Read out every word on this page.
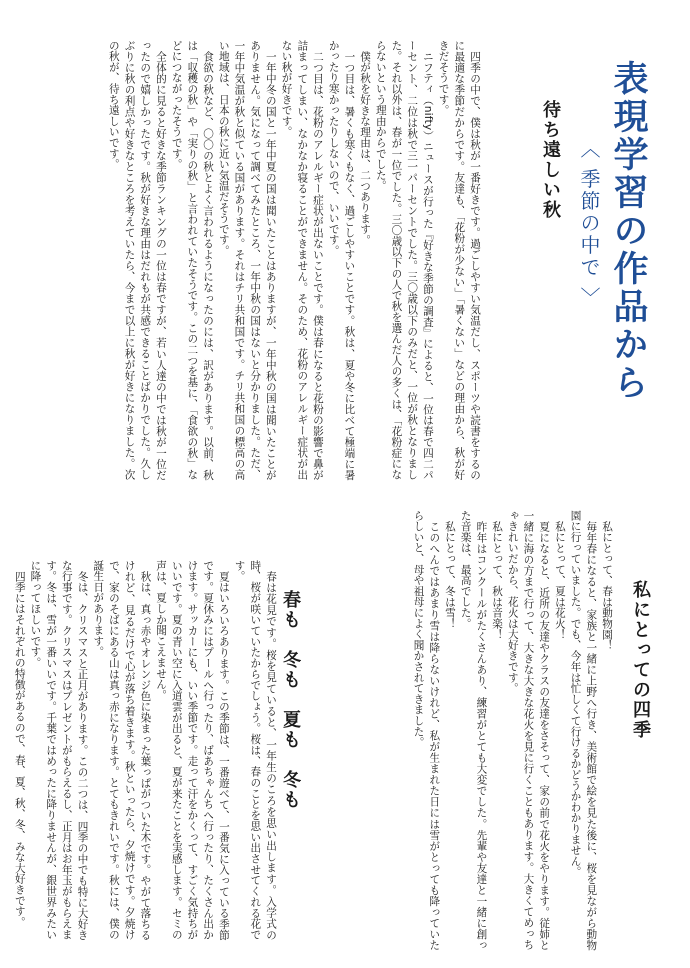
表現学習の作品から
〈 季節の中で 〉
待ち遠しい秋

四季の中で、僕は秋が一番好きです。過ごしやすい気温だし、スポーツや読書をするのに最適な季節だからです。友達も、「花粉が少ない」「暑くない」などの理由から、秋が好きだそうです。

ニフティ（nifty）ニュースが行った『好きな季節の調査』によると、一位は春で四二パーセント、二位は秋で三一パーセントでした。三〇歳以下のみだと、一位が秋となりました。それ以外は、春が一位でした。三〇歳以下の人で秋を選んだ人の多くは、「花粉症にならないという理由からでした。

僕が秋を好きな理由は、二つあります。

一つ目は、暑くも寒くもなく、過ごしやすいことです。秋は、夏や冬に比べて極端に暑かったり寒かったりしないので、いいです。

二つ目は、花粉のアレルギー症状が出ないことです。僕は春になると花粉の影響で鼻が詰まってしまい、なかなか寝ることができません。そのため、花粉のアレルギー症状が出ない秋が好きです。

一年中冬の国と一年中夏の国は聞いたことはありますが、一年中秋の国は聞いたことがありません。気になって調べてみたところ、一年中秋の国はないと分かりました。ただ、一年中気温が秋と似ている国があります。それはチリ共和国です。チリ共和国の標高の高い地域は、日本の秋に近い気温だそうです。

食欲の秋など、〇〇の秋とよく言われるようになったのには、訳があります。以前、秋は「収穫の秋」や「実りの秋」と言われていたそうです。この二つを基に、「食欲の秋」などにつながったそうです。

全体的に見ると好きな季節ランキングの一位は春ですが、若い人達の中では秋が一位だったので嬉しかったです。秋が好きな理由はだれもが共感できることばかりでした。久しぶりに秋の利点や好きなところを考えていたら、今まで以上に秋が好きになりました。次の秋が、待ち遠しいです。

私にとっての四季

私にとって、春は動物園！

毎年春になると、家族と一緒に上野へ行き、美術館で絵を見た後に、桜を見ながら動物園に行っていました。でも、今年は忙しくて行けるかどうかわかりません。

私にとって、夏は花火！

夏になると、近所の友達やクラスの友達をさそって、家の前で花火をやります。従姉と一緒に海の方まで行って、大きな大きな花火を見に行くこともあります。大きくてめっちゃきれいだから、花火は大好きです。

私にとって、秋は音楽！

昨年はコンクールがたくさんあり、練習がとても大変でした。先輩や友達と一緒に創った音楽は、最高でした。

私にとって、冬は雪！

このへんではあまり雪は降らないけれど、私が生まれた日には雪がとっても降っていたらしいと、母や祖母によく聞かされてきました。

春も　冬も　夏も　冬も

春は花見です。桜を見ていると、一年生のころを思い出します。入学式の時、桜が咲いていたからでしょう。桜は、春のことを思い出させてくれる花です。

夏はいろいろあります。この季節は、一番遊べて、一番気に入っている季節です。夏休みにはプールへ行ったり、ばあちゃんちへ行ったり、たくさん出かけます。サッカーにも、いい季節です。走って汗をかくって、すごく気持ちがいいです。夏の青い空に入道雲が出ると、夏が来たことを実感します。セミの声は、夏しか聞こえません。

秋は、真っ赤やオレンジ色に染まった葉っぱがついた木です。やがて落ちるけれど、見るだけで心が落ち着きます。秋といったら、夕焼けです。夕焼けで、家のそばにある山は真っ赤になります。とてもきれいです。秋には、僕の誕生日があります。

冬は、クリスマスと正月があります。この二つは、四季の中でも特に大好きな行事です。クリスマスはプレゼントがもらえるし、正月はお年玉がもらえます。冬は、雪が一番いいです。千葉ではめったに降りませんが、銀世界みたいに降ってほしいです。

四季にはそれぞれの特徴があるので、春、夏、秋、冬、みな大好きです。
